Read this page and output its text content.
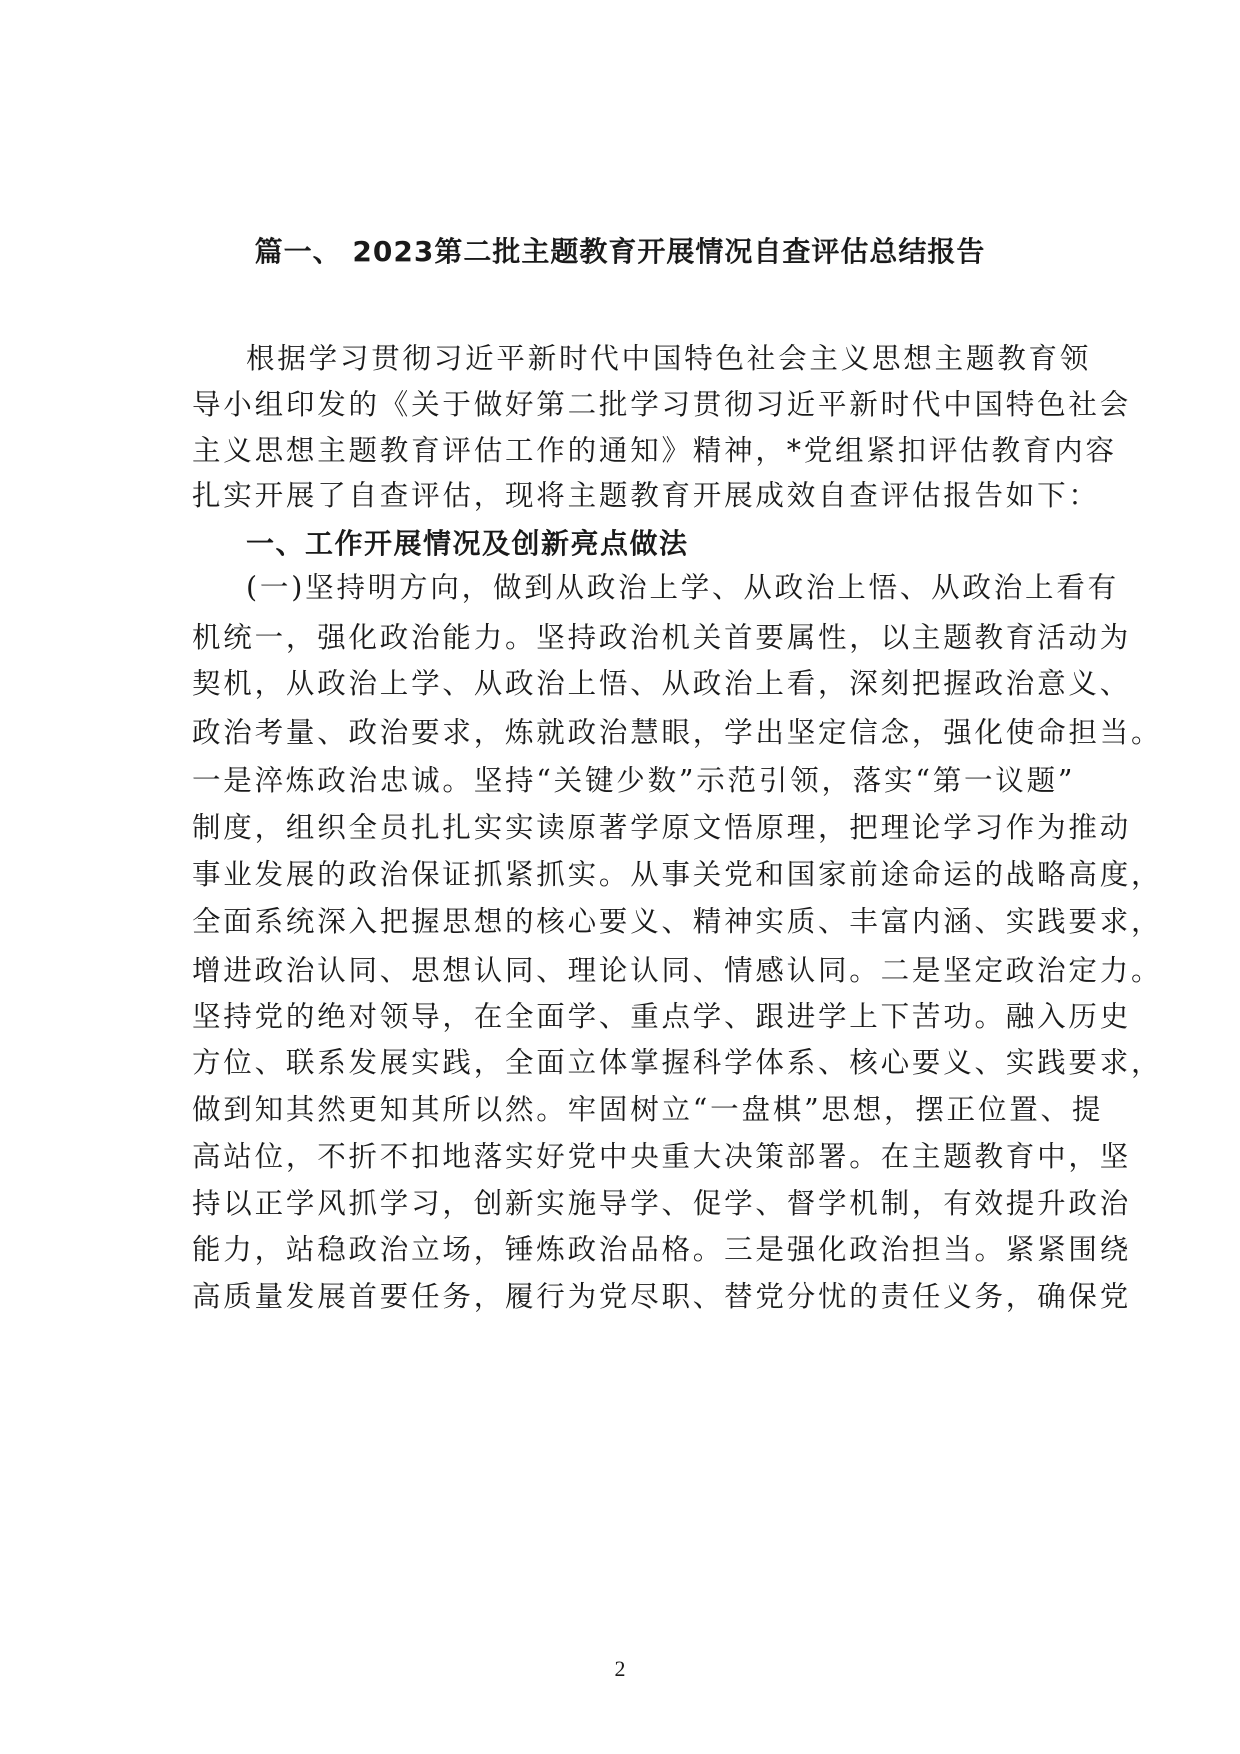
篇一、 2023第二批主题教育开展情况自查评估总结报告
根据学习贯彻习近平新时代中国特色社会主义思想主题教育领
导小组印发的《关于做好第二批学习贯彻习近平新时代中国特色社会
主义思想主题教育评估工作的通知》精神，*党组紧扣评估教育内容
扎实开展了自查评估，现将主题教育开展成效自查评估报告如下：
一、工作开展情况及创新亮点做法
(一)坚持明方向，做到从政治上学、从政治上悟、从政治上看有
机统一，强化政治能力。坚持政治机关首要属性，以主题教育活动为
契机，从政治上学、从政治上悟、从政治上看，深刻把握政治意义、
政治考量、政治要求，炼就政治慧眼，学出坚定信念，强化使命担当。
一是淬炼政治忠诚。坚持“关键少数”示范引领，落实“第一议题”
制度，组织全员扎扎实实读原著学原文悟原理，把理论学习作为推动
事业发展的政治保证抓紧抓实。从事关党和国家前途命运的战略高度，
全面系统深入把握思想的核心要义、精神实质、丰富内涵、实践要求，
增进政治认同、思想认同、理论认同、情感认同。二是坚定政治定力。
坚持党的绝对领导，在全面学、重点学、跟进学上下苦功。融入历史
方位、联系发展实践，全面立体掌握科学体系、核心要义、实践要求，
做到知其然更知其所以然。牢固树立“一盘棋”思想，摆正位置、提
高站位，不折不扣地落实好党中央重大决策部署。在主题教育中，坚
持以正学风抓学习，创新实施导学、促学、督学机制，有效提升政治
能力，站稳政治立场，锤炼政治品格。三是强化政治担当。紧紧围绕
高质量发展首要任务，履行为党尽职、替党分忧的责任义务，确保党
2
